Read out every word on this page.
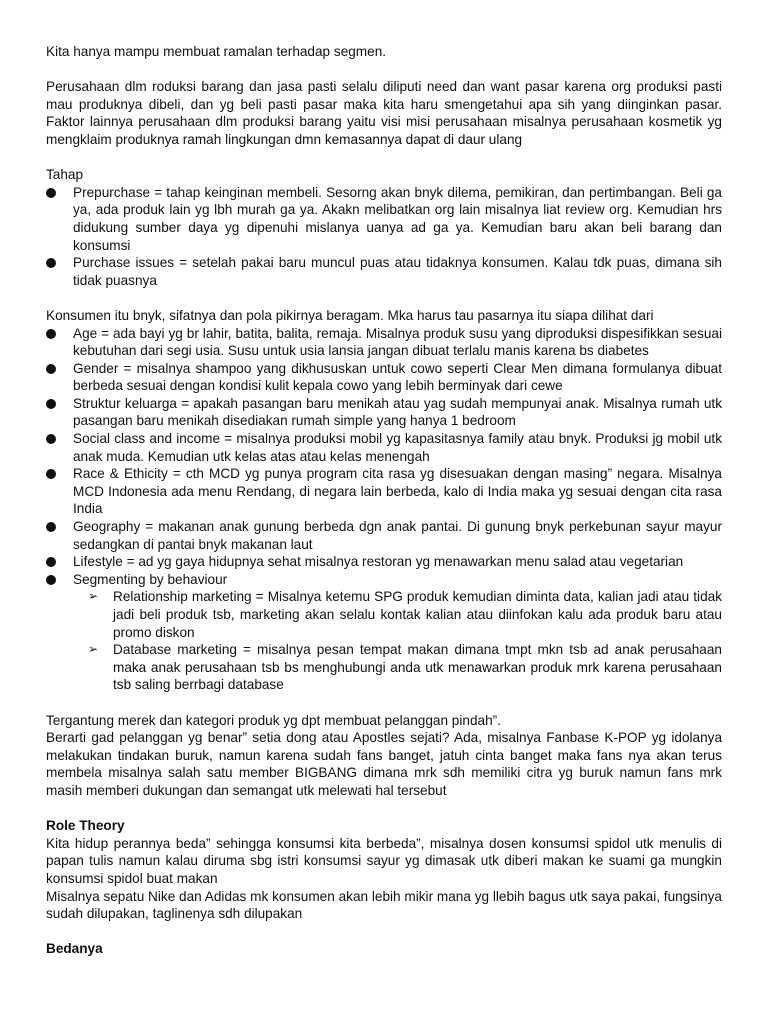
Kita hanya mampu membuat ramalan terhadap segmen.

Perusahaan dlm roduksi barang dan jasa pasti selalu diliputi need dan want pasar karena org produksi pasti mau produknya dibeli, dan yg beli pasti pasar maka kita haru smengetahui apa sih yang diinginkan pasar. Faktor lainnya perusahaan dlm produksi barang yaitu visi misi perusahaan misalnya perusahaan kosmetik yg mengklaim produknya ramah lingkungan dmn kemasannya dapat di daur ulang

Tahap

Prepurchase = tahap keinginan membeli. Sesorng akan bnyk dilema, pemikiran, dan pertimbangan. Beli ga ya, ada produk lain yg lbh murah ga ya. Akakn melibatkan org lain misalnya liat review org. Kemudian hrs didukung sumber daya yg dipenuhi mislanya uanya ad ga ya. Kemudian baru akan beli barang dan konsumsi
Purchase issues = setelah pakai baru muncul puas atau tidaknya konsumen. Kalau tdk puas, dimana sih tidak puasnya

Konsumen itu bnyk, sifatnya dan pola pikirnya beragam. Mka harus tau pasarnya itu siapa dilihat dari

Age = ada bayi yg br lahir, batita, balita, remaja. Misalnya produk susu yang diproduksi dispesifikkan sesuai kebutuhan dari segi usia. Susu untuk usia lansia jangan dibuat terlalu manis karena bs diabetes
Gender = misalnya shampoo yang dikhususkan untuk cowo seperti Clear Men dimana formulanya dibuat berbeda sesuai dengan kondisi kulit kepala cowo yang lebih berminyak dari cewe
Struktur keluarga = apakah pasangan baru menikah atau yag sudah mempunyai anak. Misalnya rumah utk pasangan baru menikah disediakan rumah simple yang hanya 1 bedroom
Social class and income = misalnya produksi mobil yg kapasitasnya family atau bnyk. Produksi jg mobil utk anak muda. Kemudian utk kelas atas atau kelas menengah
Race & Ethicity = cth MCD yg punya program cita rasa yg disesuakan dengan masing” negara. Misalnya MCD Indonesia ada menu Rendang, di negara lain berbeda, kalo di India maka yg sesuai dengan cita rasa India
Geography = makanan anak gunung berbeda dgn anak pantai. Di gunung bnyk perkebunan sayur mayur sedangkan di pantai bnyk makanan laut
Lifestyle = ad yg gaya hidupnya sehat misalnya restoran yg menawarkan menu salad atau vegetarian
Segmenting by behaviour
➢ Relationship marketing = Misalnya ketemu SPG produk kemudian diminta data, kalian jadi atau tidak jadi beli produk tsb, marketing akan selalu kontak kalian atau diinfokan kalu ada produk baru atau promo diskon
➢ Database marketing = misalnya pesan tempat makan dimana tmpt mkn tsb ad anak perusahaan maka anak perusahaan tsb bs menghubungi anda utk menawarkan produk mrk karena perusahaan tsb saling berrbagi database

Tergantung merek dan kategori produk yg dpt membuat pelanggan pindah”.

Berarti gad pelanggan yg benar” setia dong atau Apostles sejati? Ada, misalnya Fanbase K-POP yg idolanya melakukan tindakan buruk, namun karena sudah fans banget, jatuh cinta banget maka fans nya akan terus membela misalnya salah satu member BIGBANG dimana mrk sdh memiliki citra yg buruk namun fans mrk masih memberi dukungan dan semangat utk melewati hal tersebut

Role Theory

Kita hidup perannya beda” sehingga konsumsi kita berbeda”, misalnya dosen konsumsi spidol utk menulis di papan tulis namun kalau diruma sbg istri konsumsi sayur yg dimasak utk diberi makan ke suami ga mungkin konsumsi spidol buat makan

Misalnya sepatu Nike dan Adidas mk konsumen akan lebih mikir mana yg llebih bagus utk saya pakai, fungsinya sudah dilupakan, taglinenya sdh dilupakan

Bedanya
